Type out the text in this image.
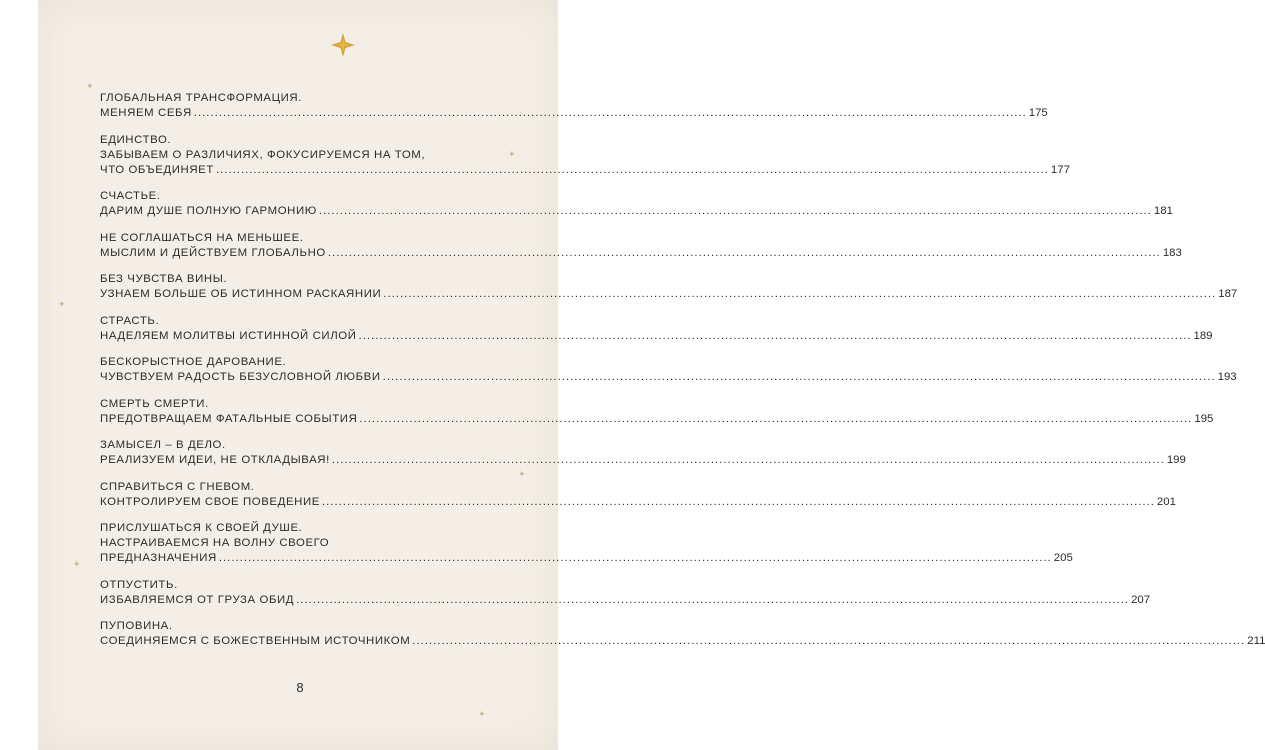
✦
✦
✦
✦
✦
✦
ГЛОБАЛЬНАЯ ТРАНСФОРМАЦИЯ.
МЕНЯЕМ СЕБЯ ........................................................................................................................................................................................................ 175
ЕДИНСТВО.
ЗАБЫВАЕМ О РАЗЛИЧИЯХ, ФОКУСИРУЕМСЯ НА ТОМ,
ЧТО ОБЪЕДИНЯЕТ ........................................................................................................................................................................................................ 177
СЧАСТЬЕ.
ДАРИМ ДУШЕ ПОЛНУЮ ГАРМОНИЮ ........................................................................................................................................................................................................ 181
НЕ СОГЛАШАТЬСЯ НА МЕНЬШЕЕ.
МЫСЛИМ И ДЕЙСТВУЕМ ГЛОБАЛЬНО ........................................................................................................................................................................................................ 183
БЕЗ ЧУВСТВА ВИНЫ.
УЗНАЕМ БОЛЬШЕ ОБ ИСТИННОМ РАСКАЯНИИ ........................................................................................................................................................................................................ 187
СТРАСТЬ.
НАДЕЛЯЕМ МОЛИТВЫ ИСТИННОЙ СИЛОЙ ........................................................................................................................................................................................................ 189
БЕСКОРЫСТНОЕ ДАРОВАНИЕ.
ЧУВСТВУЕМ РАДОСТЬ БЕЗУСЛОВНОЙ ЛЮБВИ ........................................................................................................................................................................................................ 193
СМЕРТЬ СМЕРТИ.
ПРЕДОТВРАЩАЕМ ФАТАЛЬНЫЕ СОБЫТИЯ ........................................................................................................................................................................................................ 195
ЗАМЫСЕЛ – В ДЕЛО.
РЕАЛИЗУЕМ ИДЕИ, НЕ ОТКЛАДЫВАЯ! ........................................................................................................................................................................................................ 199
СПРАВИТЬСЯ С ГНЕВОМ.
КОНТРОЛИРУЕМ СВОЕ ПОВЕДЕНИЕ ........................................................................................................................................................................................................ 201
ПРИСЛУШАТЬСЯ К СВОЕЙ ДУШЕ.
НАСТРАИВАЕМСЯ НА ВОЛНУ СВОЕГО
ПРЕДНАЗНАЧЕНИЯ ........................................................................................................................................................................................................ 205
ОТПУСТИТЬ.
ИЗБАВЛЯЕМСЯ ОТ ГРУЗА ОБИД ........................................................................................................................................................................................................ 207
ПУПОВИНА.
СОЕДИНЯЕМСЯ С БОЖЕСТВЕННЫМ ИСТОЧНИКОМ ........................................................................................................................................................................................................ 211
8
